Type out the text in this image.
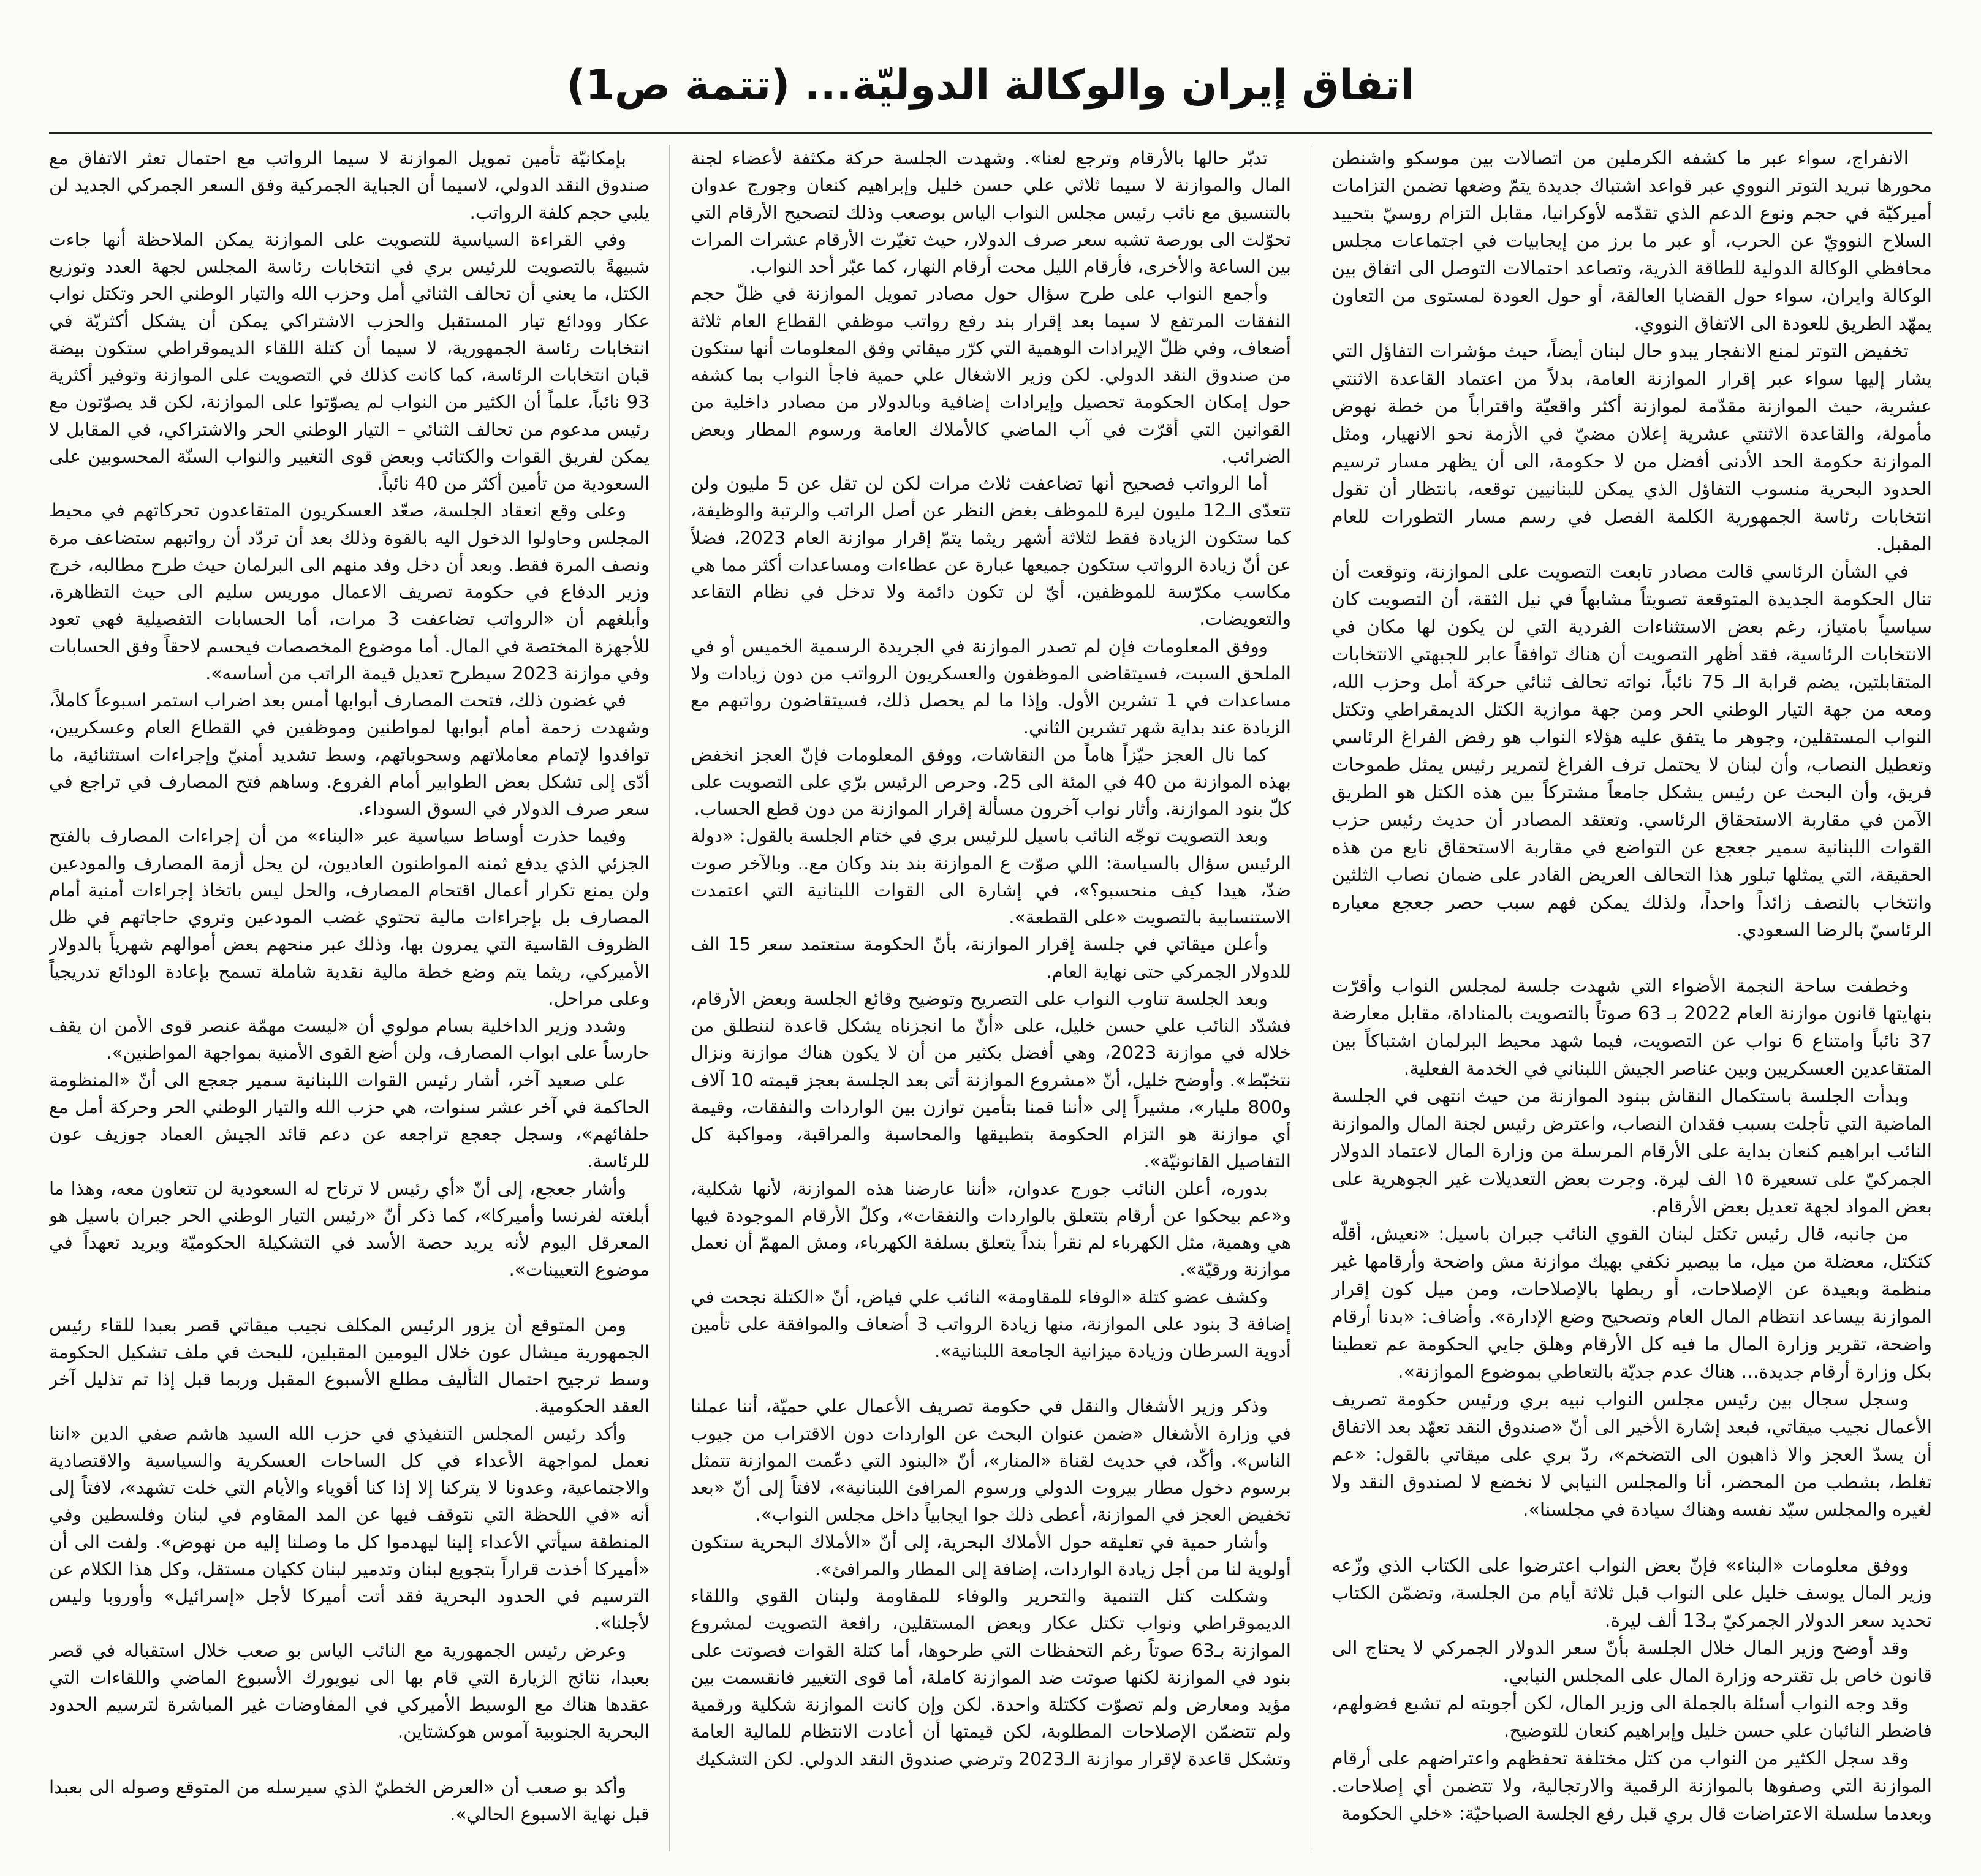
اتفاق إيران والوكالة الدوليّة... (تتمة ص1)

الانفراج، سواء عبر ما كشفه الكرملين من اتصالات بين موسكو واشنطن محورها تبريد التوتر النووي عبر قواعد اشتباك جديدة يتمّ وضعها تضمن التزامات أميركيّة في حجم ونوع الدعم الذي تقدّمه لأوكرانيا، مقابل التزام روسيّ بتحييد السلاح النوويّ عن الحرب، أو عبر ما برز من إيجابيات في اجتماعات مجلس محافظي الوكالة الدولية للطاقة الذرية، وتصاعد احتمالات التوصل الى اتفاق بين الوكالة وايران، سواء حول القضايا العالقة، أو حول العودة لمستوى من التعاون يمهّد الطريق للعودة الى الاتفاق النووي.

تخفيض التوتر لمنع الانفجار يبدو حال لبنان أيضاً، حيث مؤشرات التفاؤل التي يشار إليها سواء عبر إقرار الموازنة العامة، بدلاً من اعتماد القاعدة الاثنتي عشرية، حيث الموازنة مقدّمة لموازنة أكثر واقعيّة واقتراباً من خطة نهوض مأمولة، والقاعدة الاثنتي عشرية إعلان مضيّ في الأزمة نحو الانهيار، ومثل الموازنة حكومة الحد الأدنى أفضل من لا حكومة، الى أن يظهر مسار ترسيم الحدود البحرية منسوب التفاؤل الذي يمكن للبنانيين توقعه، بانتظار أن تقول انتخابات رئاسة الجمهورية الكلمة الفصل في رسم مسار التطورات للعام المقبل.

في الشأن الرئاسي قالت مصادر تابعت التصويت على الموازنة، وتوقعت أن تنال الحكومة الجديدة المتوقعة تصويتاً مشابهاً في نيل الثقة، أن التصويت كان سياسياً بامتياز، رغم بعض الاستثناءات الفردية التي لن يكون لها مكان في الانتخابات الرئاسية، فقد أظهر التصويت أن هناك توافقاً عابر للجبهتي الانتخابات المتقابلتين، يضم قرابة الـ 75 نائباً، نواته تحالف ثنائي حركة أمل وحزب الله، ومعه من جهة التيار الوطني الحر ومن جهة موازية الكتل الديمقراطي وتكتل النواب المستقلين، وجوهر ما يتفق عليه هؤلاء النواب هو رفض الفراغ الرئاسي وتعطيل النصاب، وأن لبنان لا يحتمل ترف الفراغ لتمرير رئيس يمثل طموحات فريق، وأن البحث عن رئيس يشكل جامعاً مشتركاً بين هذه الكتل هو الطريق الآمن في مقاربة الاستحقاق الرئاسي. وتعتقد المصادر أن حديث رئيس حزب القوات اللبنانية سمير جعجع عن التواضع في مقاربة الاستحقاق نابع من هذه الحقيقة، التي يمثلها تبلور هذا التحالف العريض القادر على ضمان نصاب الثلثين وانتخاب بالنصف زائداً واحداً، ولذلك يمكن فهم سبب حصر جعجع معياره الرئاسيّ بالرضا السعودي.

وخطفت ساحة النجمة الأضواء التي شهدت جلسة لمجلس النواب وأقرّت بنهايتها قانون موازنة العام 2022 بـ 63 صوتاً بالتصويت بالمناداة، مقابل معارضة 37 نائباً وامتناع 6 نواب عن التصويت، فيما شهد محيط البرلمان اشتباكاً بين المتقاعدين العسكريين وبين عناصر الجيش اللبناني في الخدمة الفعلية.

وبدأت الجلسة باستكمال النقاش ببنود الموازنة من حيث انتهى في الجلسة الماضية التي تأجلت بسبب فقدان النصاب، واعترض رئيس لجنة المال والموازنة النائب ابراهيم كنعان بداية على الأرقام المرسلة من وزارة المال لاعتماد الدولار الجمركيّ على تسعيرة ١٥ الف ليرة. وجرت بعض التعديلات غير الجوهرية على بعض المواد لجهة تعديل بعض الأرقام.

من جانبه، قال رئيس تكتل لبنان القوي النائب جبران باسيل: «نعيش، أقلّه كتكتل، معضلة من ميل، ما بيصير نكفي بهيك موازنة مش واضحة وأرقامها غير منظمة وبعيدة عن الإصلاحات، أو ربطها بالإصلاحات، ومن ميل كون إقرار الموازنة بيساعد انتظام المال العام وتصحيح وضع الإدارة». وأضاف: «بدنا أرقام واضحة، تقرير وزارة المال ما فيه كل الأرقام وهلق جايي الحكومة عم تعطينا بكل وزارة أرقام جديدة... هناك عدم جديّة بالتعاطي بموضوع الموازنة».

وسجل سجال بين رئيس مجلس النواب نبيه بري ورئيس حكومة تصريف الأعمال نجيب ميقاتي، فبعد إشارة الأخير الى أنّ «صندوق النقد تعهّد بعد الاتفاق أن يسدّ العجز والا ذاهبون الى التضخم»، ردّ بري على ميقاتي بالقول: «عم تغلط، بشطب من المحضر، أنا والمجلس النيابي لا نخضع لا لصندوق النقد ولا لغيره والمجلس سيّد نفسه وهناك سيادة في مجلسنا».

ووفق معلومات «البناء» فإنّ بعض النواب اعترضوا على الكتاب الذي وزّعه وزير المال يوسف خليل على النواب قبل ثلاثة أيام من الجلسة، وتضمّن الكتاب تحديد سعر الدولار الجمركيّ بـ13 ألف ليرة.

وقد أوضح وزير المال خلال الجلسة بأنّ سعر الدولار الجمركي لا يحتاج الى قانون خاص بل تقترحه وزارة المال على المجلس النيابي.

وقد وجه النواب أسئلة بالجملة الى وزير المال، لكن أجوبته لم تشبع فضولهم، فاضطر النائبان علي حسن خليل وإبراهيم كنعان للتوضيح.

وقد سجل الكثير من النواب من كتل مختلفة تحفظهم واعتراضهم على أرقام الموازنة التي وصفوها بالموازنة الرقمية والارتجالية، ولا تتضمن أي إصلاحات. وبعدما سلسلة الاعتراضات قال بري قبل رفع الجلسة الصباحيّة: «خلي الحكومة

تدبّر حالها بالأرقام وترجع لعنا». وشهدت الجلسة حركة مكثفة لأعضاء لجنة المال والموازنة لا سيما ثلاثي علي حسن خليل وإبراهيم كنعان وجورج عدوان بالتنسيق مع نائب رئيس مجلس النواب الياس بوصعب وذلك لتصحيح الأرقام التي تحوّلت الى بورصة تشبه سعر صرف الدولار، حيث تغيّرت الأرقام عشرات المرات بين الساعة والأخرى، فأرقام الليل محت أرقام النهار، كما عبّر أحد النواب.

وأجمع النواب على طرح سؤال حول مصادر تمويل الموازنة في ظلّ حجم النفقات المرتفع لا سيما بعد إقرار بند رفع رواتب موظفي القطاع العام ثلاثة أضعاف، وفي ظلّ الإيرادات الوهمية التي كرّر ميقاتي وفق المعلومات أنها ستكون من صندوق النقد الدولي. لكن وزير الاشغال علي حمية فاجأ النواب بما كشفه حول إمكان الحكومة تحصيل وإيرادات إضافية وبالدولار من مصادر داخلية من القوانين التي أقرّت في آب الماضي كالأملاك العامة ورسوم المطار وبعض الضرائب.

أما الرواتب فصحيح أنها تضاعفت ثلاث مرات لكن لن تقل عن 5 مليون ولن تتعدّى الـ12 مليون ليرة للموظف بغض النظر عن أصل الراتب والرتبة والوظيفة، كما ستكون الزيادة فقط لثلاثة أشهر ريثما يتمّ إقرار موازنة العام 2023، فضلاً عن أنّ زيادة الرواتب ستكون جميعها عبارة عن عطاءات ومساعدات أكثر مما هي مكاسب مكرّسة للموظفين، أيّ لن تكون دائمة ولا تدخل في نظام التقاعد والتعويضات.

ووفق المعلومات فإن لم تصدر الموازنة في الجريدة الرسمية الخميس أو في الملحق السبت، فسيتقاضى الموظفون والعسكريون الرواتب من دون زيادات ولا مساعدات في 1 تشرين الأول. وإذا ما لم يحصل ذلك، فسيتقاضون رواتبهم مع الزيادة عند بداية شهر تشرين الثاني.

كما نال العجز حيّزاً هاماً من النقاشات، ووفق المعلومات فإنّ العجز انخفض بهذه الموازنة من 40 في المئة الى 25. وحرص الرئيس برّي على التصويت على كلّ بنود الموازنة. وأثار نواب آخرون مسألة إقرار الموازنة من دون قطع الحساب.

وبعد التصويت توجّه النائب باسيل للرئيس بري في ختام الجلسة بالقول: «دولة الرئيس سؤال بالسياسة: اللي صوّت ع الموازنة بند بند وكان مع.. وبالآخر صوت ضدّ، هيدا كيف منحسبو؟»، في إشارة الى القوات اللبنانية التي اعتمدت الاستنسابية بالتصويت «على القطعة».

وأعلن ميقاتي في جلسة إقرار الموازنة، بأنّ الحكومة ستعتمد سعر 15 الف للدولار الجمركي حتى نهاية العام.

وبعد الجلسة تناوب النواب على التصريح وتوضيح وقائع الجلسة وبعض الأرقام، فشدّد النائب علي حسن خليل، على «أنّ ما انجزناه يشكل قاعدة لننطلق من خلاله في موازنة 2023، وهي أفضل بكثير من أن لا يكون هناك موازنة ونزال نتخبّط». وأوضح خليل، أنّ «مشروع الموازنة أتى بعد الجلسة بعجز قيمته 10 آلاف و800 مليار»، مشيراً إلى «أننا قمنا بتأمين توازن بين الواردات والنفقات، وقيمة أي موازنة هو التزام الحكومة بتطبيقها والمحاسبة والمراقبة، ومواكبة كل التفاصيل القانونيّة».

بدوره، أعلن النائب جورج عدوان، «أننا عارضنا هذه الموازنة، لأنها شكلية، و«عم بيحكوا عن أرقام بتتعلق بالواردات والنفقات»، وكلّ الأرقام الموجودة فيها هي وهمية، مثل الكهرباء لم نقرأ بنداً يتعلق بسلفة الكهرباء، ومش المهمّ أن نعمل موازنة ورقيّة».

وكشف عضو كتلة «الوفاء للمقاومة» النائب علي فياض، أنّ «الكتلة نجحت في إضافة 3 بنود على الموازنة، منها زيادة الرواتب 3 أضعاف والموافقة على تأمين أدوية السرطان وزيادة ميزانية الجامعة اللبنانية».

وذكر وزير الأشغال والنقل في حكومة تصريف الأعمال علي حميّة، أننا عملنا في وزارة الأشغال «ضمن عنوان البحث عن الواردات دون الاقتراب من جيوب الناس». وأكّد، في حديث لقناة «المنار»، أنّ «البنود التي دعّمت الموازنة تتمثل برسوم دخول مطار بيروت الدولي ورسوم المرافئ اللبنانية»، لافتاً إلى أنّ «بعد تخفيض العجز في الموازنة، أعطى ذلك جوا ايجابياً داخل مجلس النواب».

وأشار حمية في تعليقه حول الأملاك البحرية، إلى أنّ «الأملاك البحرية ستكون أولوية لنا من أجل زيادة الواردات، إضافة إلى المطار والمرافئ».

وشكلت كتل التنمية والتحرير والوفاء للمقاومة ولبنان القوي واللقاء الديموقراطي ونواب تكتل عكار وبعض المستقلين، رافعة التصويت لمشروع الموازنة بـ63 صوتاً رغم التحفظات التي طرحوها، أما كتلة القوات فصوتت على بنود في الموازنة لكنها صوتت ضد الموازنة كاملة، أما قوى التغيير فانقسمت بين مؤيد ومعارض ولم تصوّت ككتلة واحدة. لكن وإن كانت الموازنة شكلية ورقمية ولم تتضمّن الإصلاحات المطلوبة، لكن قيمتها أن أعادت الانتظام للمالية العامة وتشكل قاعدة لإقرار موازنة الـ2023 وترضي صندوق النقد الدولي. لكن التشكيك

بإمكانيّة تأمين تمويل الموازنة لا سيما الرواتب مع احتمال تعثر الاتفاق مع صندوق النقد الدولي، لاسيما أن الجباية الجمركية وفق السعر الجمركي الجديد لن يلبي حجم كلفة الرواتب.

وفي القراءة السياسية للتصويت على الموازنة يمكن الملاحظة أنها جاءت شبيهةً بالتصويت للرئيس بري في انتخابات رئاسة المجلس لجهة العدد وتوزيع الكتل، ما يعني أن تحالف الثنائي أمل وحزب الله والتيار الوطني الحر وتكتل نواب عكار وودائع تيار المستقبل والحزب الاشتراكي يمكن أن يشكل أكثريّة في انتخابات رئاسة الجمهورية، لا سيما أن كتلة اللقاء الديموقراطي ستكون بيضة قبان انتخابات الرئاسة، كما كانت كذلك في التصويت على الموازنة وتوفير أكثرية 93 نائباً، علماً أن الكثير من النواب لم يصوّتوا على الموازنة، لكن قد يصوّتون مع رئيس مدعوم من تحالف الثنائي – التيار الوطني الحر والاشتراكي، في المقابل لا يمكن لفريق القوات والكتائب وبعض قوى التغيير والنواب السنّة المحسوبين على السعودية من تأمين أكثر من 40 نائباً.

وعلى وقع انعقاد الجلسة، صعّد العسكريون المتقاعدون تحركاتهم في محيط المجلس وحاولوا الدخول اليه بالقوة وذلك بعد أن تردّد أن رواتبهم ستضاعف مرة ونصف المرة فقط. وبعد أن دخل وفد منهم الى البرلمان حيث طرح مطالبه، خرج وزير الدفاع في حكومة تصريف الاعمال موريس سليم الى حيث التظاهرة، وأبلغهم أن «الرواتب تضاعفت 3 مرات، أما الحسابات التفصيلية فهي تعود للأجهزة المختصة في المال. أما موضوع المخصصات فيحسم لاحقاً وفق الحسابات وفي موازنة 2023 سيطرح تعديل قيمة الراتب من أساسه».

في غضون ذلك، فتحت المصارف أبوابها أمس بعد اضراب استمر اسبوعاً كاملاً، وشهدت زحمة أمام أبوابها لمواطنين وموظفين في القطاع العام وعسكريين، توافدوا لإتمام معاملاتهم وسحوباتهم، وسط تشديد أمنيّ وإجراءات استثنائية، ما أدّى إلى تشكل بعض الطوابير أمام الفروع. وساهم فتح المصارف في تراجع في سعر صرف الدولار في السوق السوداء.

وفيما حذرت أوساط سياسية عبر «البناء» من أن إجراءات المصارف بالفتح الجزئي الذي يدفع ثمنه المواطنون العاديون، لن يحل أزمة المصارف والمودعين ولن يمنع تكرار أعمال اقتحام المصارف، والحل ليس باتخاذ إجراءات أمنية أمام المصارف بل بإجراءات مالية تحتوي غضب المودعين وتروي حاجاتهم في ظل الظروف القاسية التي يمرون بها، وذلك عبر منحهم بعض أموالهم شهرياً بالدولار الأميركي، ريثما يتم وضع خطة مالية نقدية شاملة تسمح بإعادة الودائع تدريجياً وعلى مراحل.

وشدد وزير الداخلية بسام مولوي أن «ليست مهمّة عنصر قوى الأمن ان يقف حارساً على ابواب المصارف، ولن أضع القوى الأمنية بمواجهة المواطنين».

على صعيد آخر، أشار رئيس القوات اللبنانية سمير جعجع الى أنّ «المنظومة الحاكمة في آخر عشر سنوات، هي حزب الله والتيار الوطني الحر وحركة أمل مع حلفائهم»، وسجل جعجع تراجعه عن دعم قائد الجيش العماد جوزيف عون للرئاسة.

وأشار جعجع، إلى أنّ «أي رئيس لا ترتاح له السعودية لن تتعاون معه، وهذا ما أبلغته لفرنسا وأميركا»، كما ذكر أنّ «رئيس التيار الوطني الحر جبران باسيل هو المعرقل اليوم لأنه يريد حصة الأسد في التشكيلة الحكوميّة ويريد تعهداً في موضوع التعيينات».

ومن المتوقع أن يزور الرئيس المكلف نجيب ميقاتي قصر بعبدا للقاء رئيس الجمهورية ميشال عون خلال اليومين المقبلين، للبحث في ملف تشكيل الحكومة وسط ترجيح احتمال التأليف مطلع الأسبوع المقبل وربما قبل إذا تم تذليل آخر العقد الحكومية.

وأكد رئيس المجلس التنفيذي في حزب الله السيد هاشم صفي الدين «اننا نعمل لمواجهة الأعداء في كل الساحات العسكرية والسياسية والاقتصادية والاجتماعية، وعدونا لا يتركنا إلا إذا كنا أقوياء والأيام التي خلت تشهد»، لافتاً إلى أنه «في اللحظة التي نتوقف فيها عن المد المقاوم في لبنان وفلسطين وفي المنطقة سيأتي الأعداء إلينا ليهدموا كل ما وصلنا إليه من نهوض». ولفت الى أن «أميركا أخذت قراراً بتجويع لبنان وتدمير لبنان ككيان مستقل، وكل هذا الكلام عن الترسيم في الحدود البحرية فقد أتت أميركا لأجل «إسرائيل» وأوروبا وليس لأجلنا».

وعرض رئيس الجمهورية مع النائب الياس بو صعب خلال استقباله في قصر بعبدا، نتائج الزيارة التي قام بها الى نيويورك الأسبوع الماضي واللقاءات التي عقدها هناك مع الوسيط الأميركي في المفاوضات غير المباشرة لترسيم الحدود البحرية الجنوبية آموس هوكشتاين.

وأكد بو صعب أن «العرض الخطيّ الذي سيرسله من المتوقع وصوله الى بعبدا قبل نهاية الاسبوع الحالي».
